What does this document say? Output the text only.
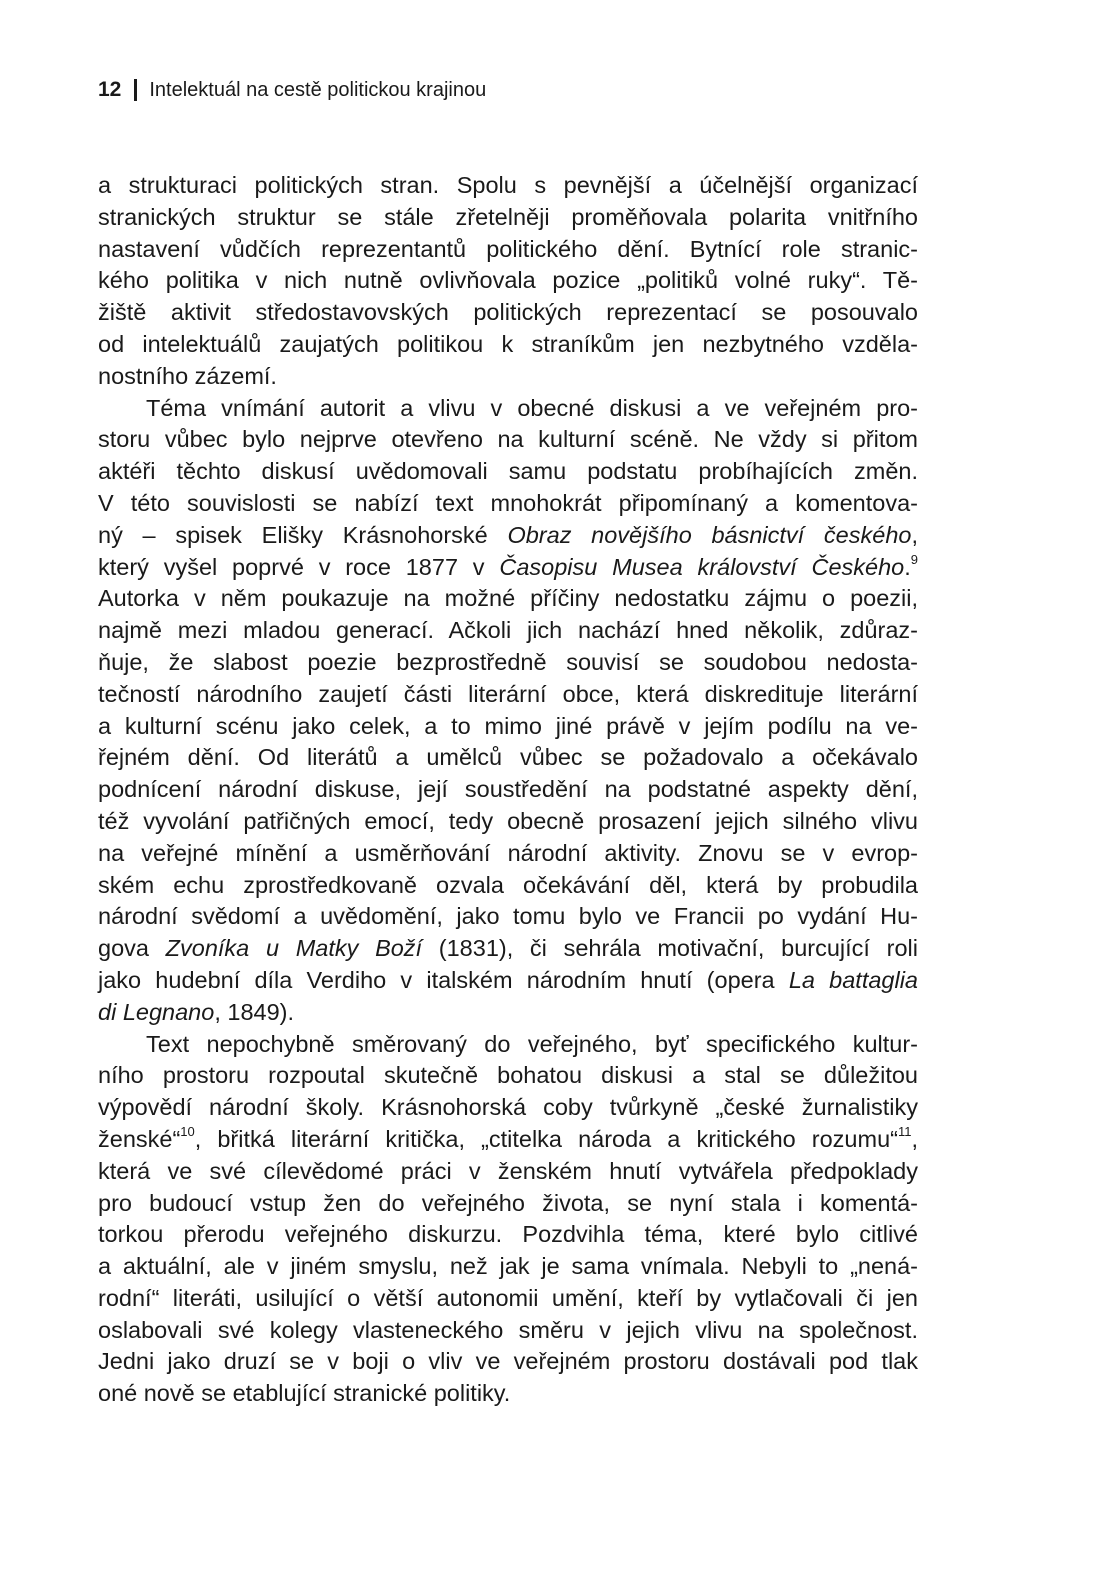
12 Intelektuál na cestě politickou krajinou
a strukturaci politických stran. Spolu s pevnější a účelnější organizací
stranických struktur se stále zřetelněji proměňovala polarita vnitřního
nastavení vůdčích reprezentantů politického dění. Bytnící role stranic-
kého politika v nich nutně ovlivňovala pozice „politiků volné ruky“. Tě-
žiště aktivit středostavovských politických reprezentací se posouvalo
od intelektuálů zaujatých politikou k straníkům jen nezbytného vzděla-
nostního zázemí.
Téma vnímání autorit a vlivu v obecné diskusi a ve veřejném pro-
storu vůbec bylo nejprve otevřeno na kulturní scéně. Ne vždy si přitom
aktéři těchto diskusí uvědomovali samu podstatu probíhajících změn.
V této souvislosti se nabízí text mnohokrát připomínaný a komentova-
ný – spisek Elišky Krásnohorské Obraz novějšího básnictví českého,
který vyšel poprvé v roce 1877 v Časopisu Musea království Českého.$^9$
Autorka v něm poukazuje na možné příčiny nedostatku zájmu o poezii,
najmě mezi mladou generací. Ačkoli jich nachází hned několik, zdůraz-
ňuje, že slabost poezie bezprostředně souvisí se soudobou nedosta-
tečností národního zaujetí části literární obce, která diskredituje literární
a kulturní scénu jako celek, a to mimo jiné právě v jejím podílu na ve-
řejném dění. Od literátů a umělců vůbec se požadovalo a očekávalo
podnícení národní diskuse, její soustředění na podstatné aspekty dění,
též vyvolání patřičných emocí, tedy obecně prosazení jejich silného vlivu
na veřejné mínění a usměrňování národní aktivity. Znovu se v evrop-
ském echu zprostředkovaně ozvala očekávání děl, která by probudila
národní svědomí a uvědomění, jako tomu bylo ve Francii po vydání Hu-
gova Zvoníka u Matky Boží (1831), či sehrála motivační, burcující roli
jako hudební díla Verdiho v italském národním hnutí (opera La battaglia
di Legnano, 1849).
Text nepochybně směrovaný do veřejného, byť specifického kultur-
ního prostoru rozpoutal skutečně bohatou diskusi a stal se důležitou
výpovědí národní školy. Krásnohorská coby tvůrkyně „české žurnalistiky
ženské“$^{10}$, břitká literární kritička, „ctitelka národa a kritického rozumu“$^{11}$,
která ve své cílevědomé práci v ženském hnutí vytvářela předpoklady
pro budoucí vstup žen do veřejného života, se nyní stala i komentá-
torkou přerodu veřejného diskurzu. Pozdvihla téma, které bylo citlivé
a aktuální, ale v jiném smyslu, než jak je sama vnímala. Nebyli to „nená-
rodní“ literáti, usilující o větší autonomii umění, kteří by vytlačovali či jen
oslabovali své kolegy vlasteneckého směru v jejich vlivu na společnost.
Jedni jako druzí se v boji o vliv ve veřejném prostoru dostávali pod tlak
oné nově se etablující stranické politiky.
